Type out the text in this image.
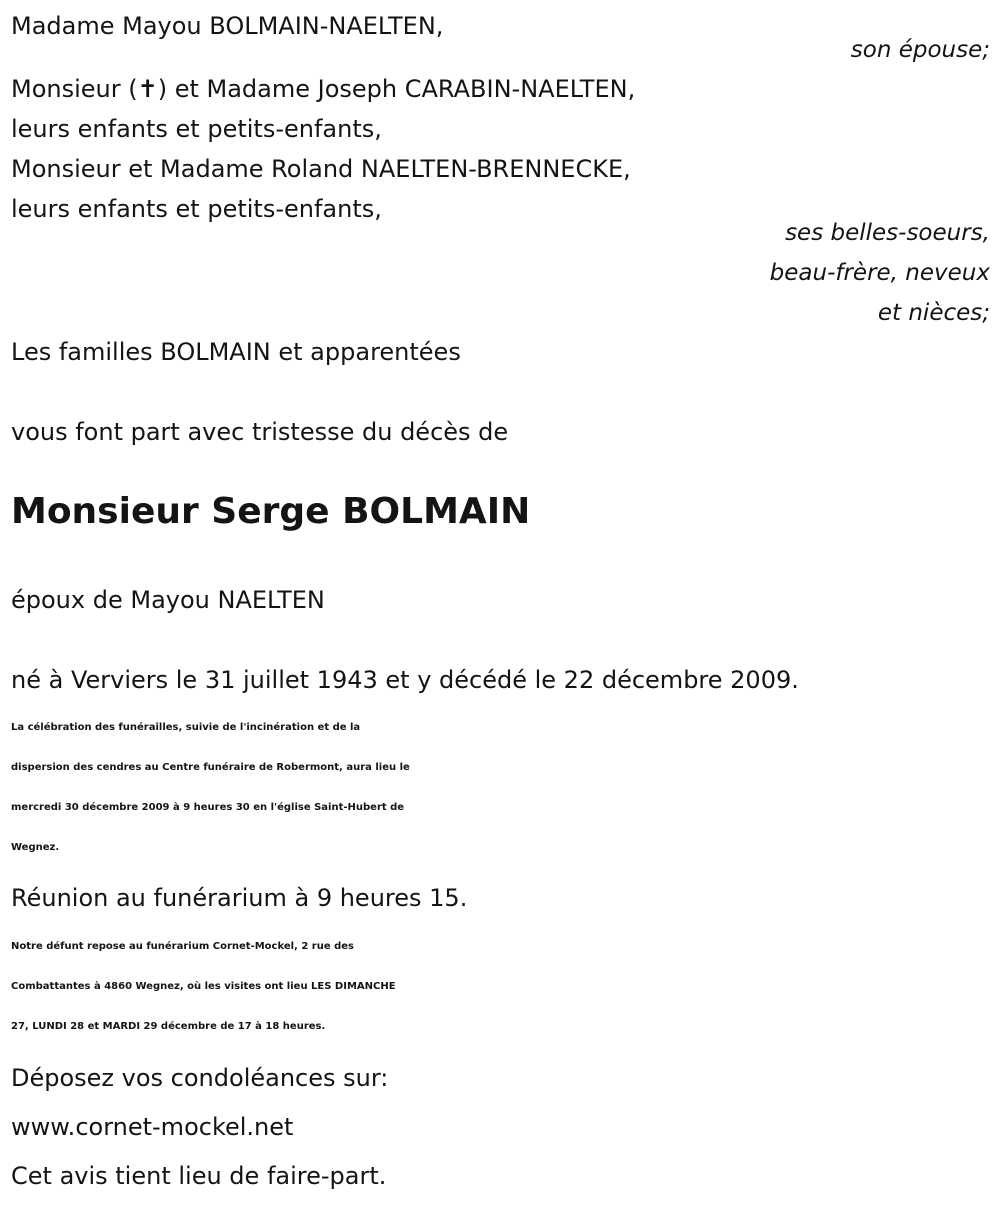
Madame Mayou BOLMAIN-NAELTEN,
son épouse;
Monsieur (✝) et Madame Joseph CARABIN-NAELTEN,
leurs enfants et petits-enfants,
Monsieur et Madame Roland NAELTEN-BRENNECKE,
leurs enfants et petits-enfants,
ses belles-soeurs,
beau-frère, neveux
et nièces;
Les familles BOLMAIN et apparentées
vous font part avec tristesse du décès de
Monsieur Serge BOLMAIN
époux de Mayou NAELTEN
né à Verviers le 31 juillet 1943 et y décédé le 22 décembre 2009.
La célébration des funérailles, suivie de l'incinération et de la
dispersion des cendres au Centre funéraire de Robermont, aura lieu le
mercredi 30 décembre 2009 à 9 heures 30 en l'église Saint-Hubert de
Wegnez.
Réunion au funérarium à 9 heures 15.
Notre défunt repose au funérarium Cornet-Mockel, 2 rue des
Combattantes à 4860 Wegnez, où les visites ont lieu LES DIMANCHE
27, LUNDI 28 et MARDI 29 décembre de 17 à 18 heures.
Déposez vos condoléances sur:
www.cornet-mockel.net
Cet avis tient lieu de faire-part.
